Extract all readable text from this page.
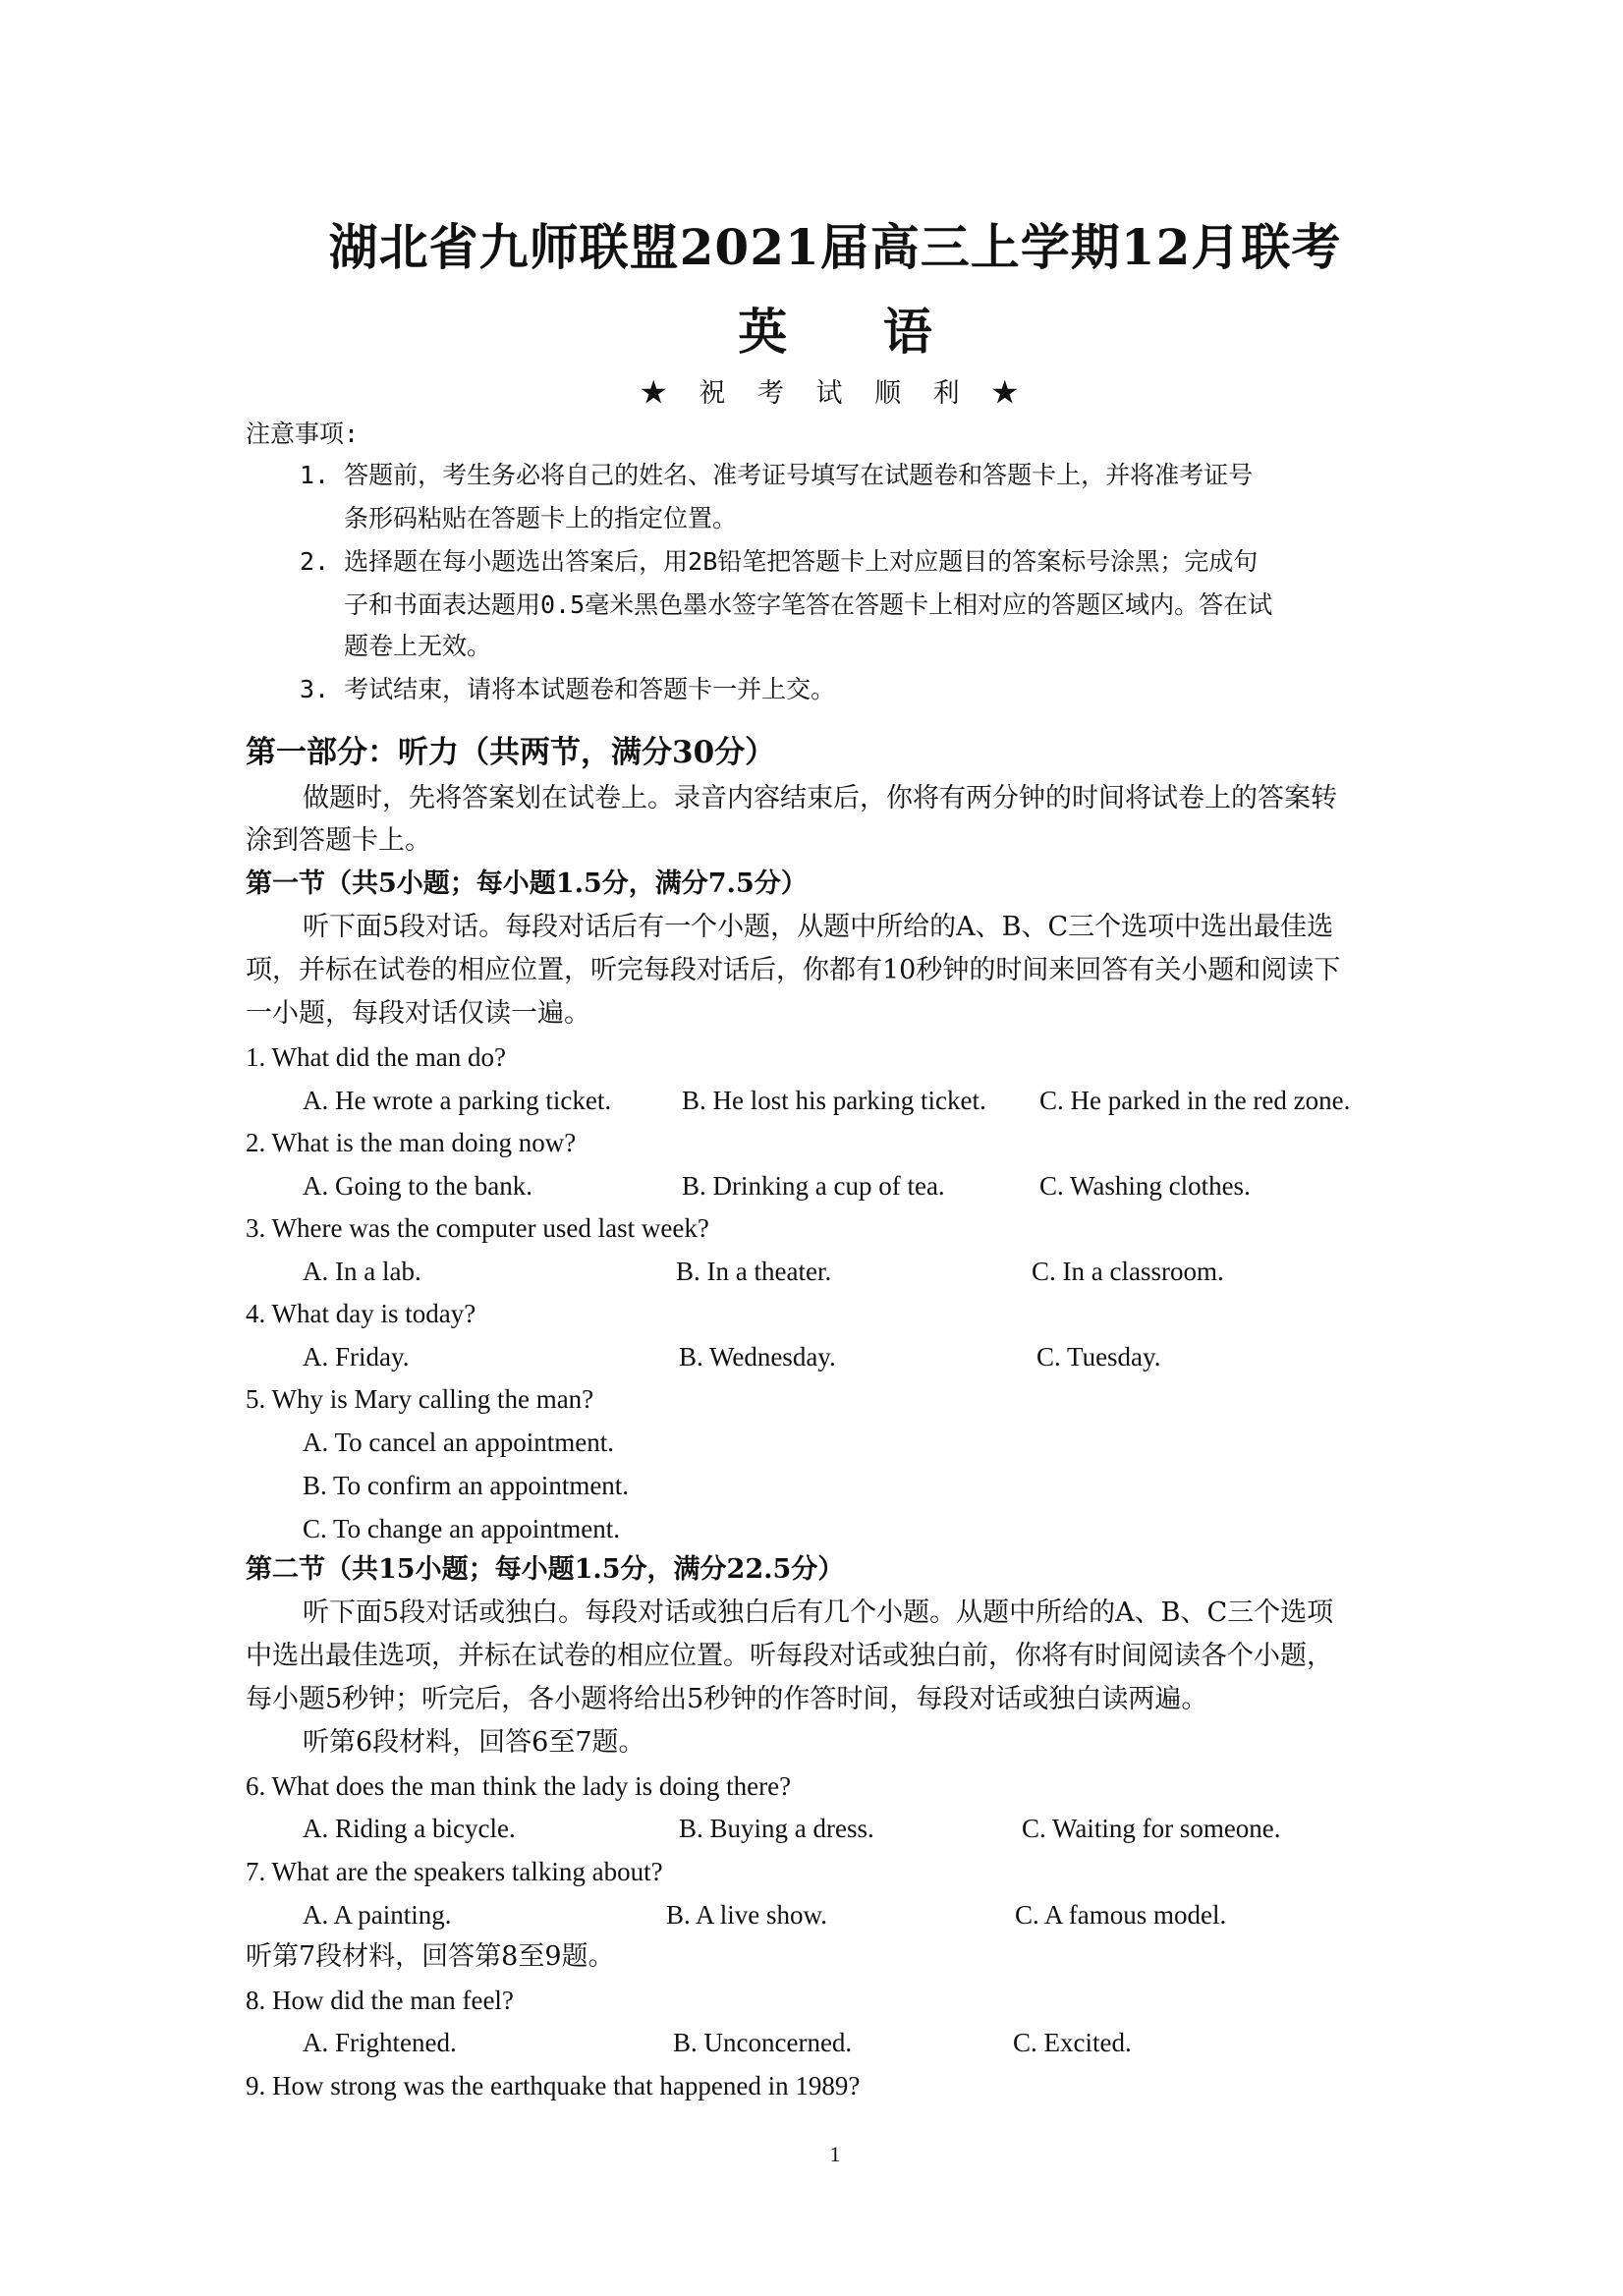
湖北省九师联盟2021届高三上学期12月联考
英 语
★ 祝 考 试 顺 利 ★
注意事项:
1. 答题前，考生务必将自己的姓名、准考证号填写在试题卷和答题卡上，并将准考证号
条形码粘贴在答题卡上的指定位置。
2. 选择题在每小题选出答案后，用2B铅笔把答题卡上对应题目的答案标号涂黑；完成句
子和书面表达题用0.5毫米黑色墨水签字笔答在答题卡上相对应的答题区域内。答在试
题卷上无效。
3. 考试结束，请将本试题卷和答题卡一并上交。
第一部分：听力（共两节，满分30分）
做题时，先将答案划在试卷上。录音内容结束后，你将有两分钟的时间将试卷上的答案转
涂到答题卡上。
第一节（共5小题；每小题1.5分，满分7.5分）
听下面5段对话。每段对话后有一个小题，从题中所给的A、B、C三个选项中选出最佳选
项，并标在试卷的相应位置，听完每段对话后，你都有10秒钟的时间来回答有关小题和阅读下
一小题，每段对话仅读一遍。
1. What did the man do?
A. He wrote a parking ticket.	B. He lost his parking ticket. C. He parked in the red zone.
2. What is the man doing now?
A. Going to the bank.	B. Drinking a cup of tea.	C. Washing clothes.
3. Where was the computer used last week?
A. In a lab.	B. In a theater.	C. In a classroom.
4. What day is today?
A. Friday.	B. Wednesday.	C. Tuesday.
5. Why is Mary calling the man?
A. To cancel an appointment.
B. To confirm an appointment.
C. To change an appointment.
第二节（共15小题；每小题1.5分，满分22.5分）
听下面5段对话或独白。每段对话或独白后有几个小题。从题中所给的A、B、C三个选项
中选出最佳选项，并标在试卷的相应位置。听每段对话或独白前，你将有时间阅读各个小题，
每小题5秒钟；听完后，各小题将给出5秒钟的作答时间，每段对话或独白读两遍。
听第6段材料，回答6至7题。
6. What does the man think the lady is doing there?
A. Riding a bicycle.	B. Buying a dress.	C. Waiting for someone.
7. What are the speakers talking about?
A. A painting.	B. A live show.	C. A famous model.
听第7段材料，回答第8至9题。
8. How did the man feel?
A. Frightened.	B. Unconcerned.	C. Excited.
9. How strong was the earthquake that happened in 1989?
1
